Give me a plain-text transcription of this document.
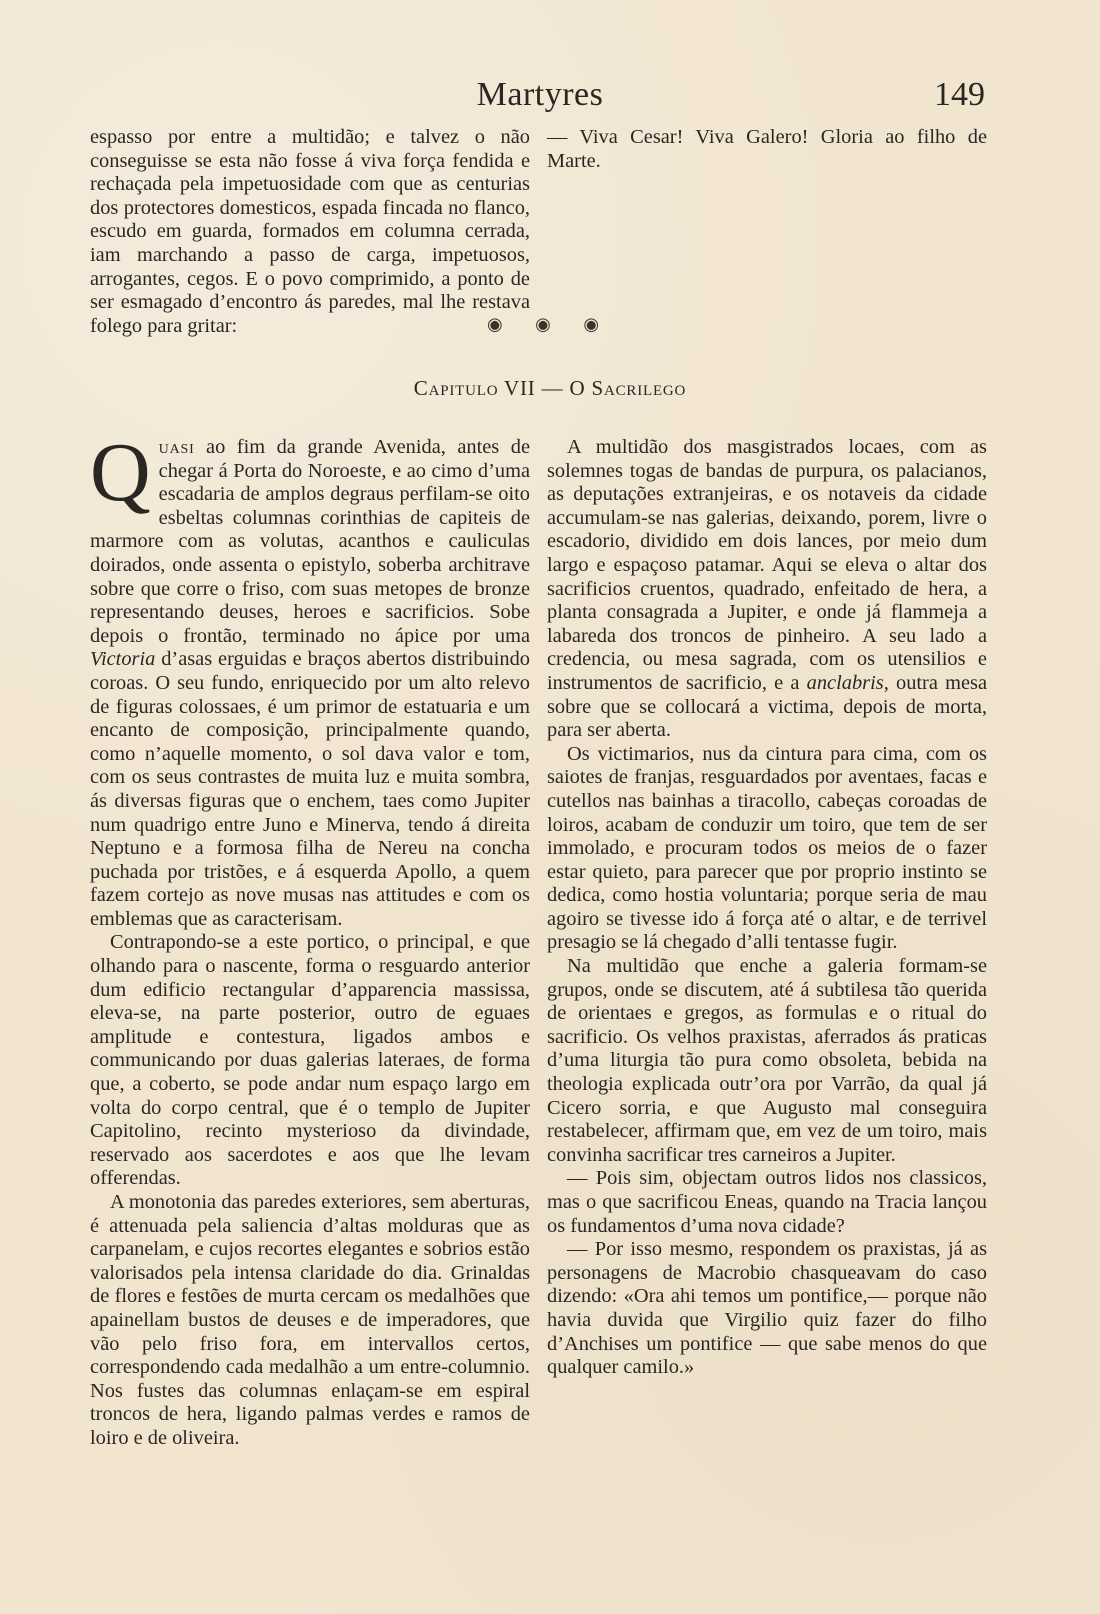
Martyres	149

espasso por entre a multidão; e talvez o não conseguisse se esta não fosse á viva força fendida e rechaçada pela impetuosidade com que as centurias dos protectores domesticos, espada fincada no flanco, escudo em guarda, formados em columna cerrada, iam marchando a passo de carga, impetuosos, arrogantes, cegos. E o povo comprimido, a ponto de ser esmagado d’encontro ás paredes, mal lhe restava folego para gritar:

— Viva Cesar! Viva Galero! Gloria ao filho de Marte.

◉ ◉ ◉
Capitulo VII — O Sacrilego

Quasi ao fim da grande Avenida, antes de chegar á Porta do Noroeste, e ao cimo d’uma escadaria de amplos degraus perfilam-se oito esbeltas columnas corinthias de capiteis de marmore com as volutas, acanthos e cauliculas doirados, onde assenta o epistylo, soberba architrave sobre que corre o friso, com suas metopes de bronze representando deuses, heroes e sacrificios. Sobe depois o frontão, terminado no ápice por uma Victoria d’asas erguidas e braços abertos distribuindo coroas. O seu fundo, enriquecido por um alto relevo de figuras colossaes, é um primor de estatuaria e um encanto de composição, principalmente quando, como n’aquelle momento, o sol dava valor e tom, com os seus contrastes de muita luz e muita sombra, ás diversas figuras que o enchem, taes como Jupiter num quadrigo entre Juno e Minerva, tendo á direita Neptuno e a formosa filha de Nereu na concha puchada por tristões, e á esquerda Apollo, a quem fazem cortejo as nove musas nas attitudes e com os emblemas que as caracterisam.

Contrapondo-se a este portico, o principal, e que olhando para o nascente, forma o resguardo anterior dum edificio rectangular d’apparencia massissa, eleva-se, na parte posterior, outro de eguaes amplitude e contestura, ligados ambos e communicando por duas galerias lateraes, de forma que, a coberto, se pode andar num espaço largo em volta do corpo central, que é o templo de Jupiter Capitolino, recinto mysterioso da divindade, reservado aos sacerdotes e aos que lhe levam offerendas.

A monotonia das paredes exteriores, sem aberturas, é attenuada pela saliencia d’altas molduras que as carpanelam, e cujos recortes elegantes e sobrios estão valorisados pela intensa claridade do dia. Grinaldas de flores e festões de murta cercam os medalhões que apainellam bustos de deuses e de imperadores, que vão pelo friso fora, em intervallos certos, correspondendo cada medalhão a um entre-columnio. Nos fustes das columnas enlaçam-se em espiral troncos de hera, ligando palmas verdes e ramos de loiro e de oliveira.

A multidão dos masgistrados locaes, com as solemnes togas de bandas de purpura, os palacianos, as deputações extranjeiras, e os notaveis da cidade accumulam-se nas galerias, deixando, porem, livre o escadorio, dividido em dois lances, por meio dum largo e espaçoso patamar. Aqui se eleva o altar dos sacrificios cruentos, quadrado, enfeitado de hera, a planta consagrada a Jupiter, e onde já flammeja a labareda dos troncos de pinheiro. A seu lado a credencia, ou mesa sagrada, com os utensilios e instrumentos de sacrificio, e a anclabris, outra mesa sobre que se collocará a victima, depois de morta, para ser aberta.

Os victimarios, nus da cintura para cima, com os saiotes de franjas, resguardados por aventaes, facas e cutellos nas bainhas a tiracollo, cabeças coroadas de loiros, acabam de conduzir um toiro, que tem de ser immolado, e procuram todos os meios de o fazer estar quieto, para parecer que por proprio instinto se dedica, como hostia voluntaria; porque seria de mau agoiro se tivesse ido á força até o altar, e de terrivel presagio se lá chegado d’alli tentasse fugir.

Na multidão que enche a galeria formam-se grupos, onde se discutem, até á subtilesa tão querida de orientaes e gregos, as formulas e o ritual do sacrificio. Os velhos praxistas, aferrados ás praticas d’uma liturgia tão pura como obsoleta, bebida na theologia explicada outr’ora por Varrão, da qual já Cicero sorria, e que Augusto mal conseguira restabelecer, affirmam que, em vez de um toiro, mais convinha sacrificar tres carneiros a Jupiter.

— Pois sim, objectam outros lidos nos classicos, mas o que sacrificou Eneas, quando na Tracia lançou os fundamentos d’uma nova cidade?

— Por isso mesmo, respondem os praxistas, já as personagens de Macrobio chasqueavam do caso dizendo: «Ora ahi temos um pontifice,— porque não havia duvida que Virgilio quiz fazer do filho d’Anchises um pontifice — que sabe menos do que qualquer camilo.»
